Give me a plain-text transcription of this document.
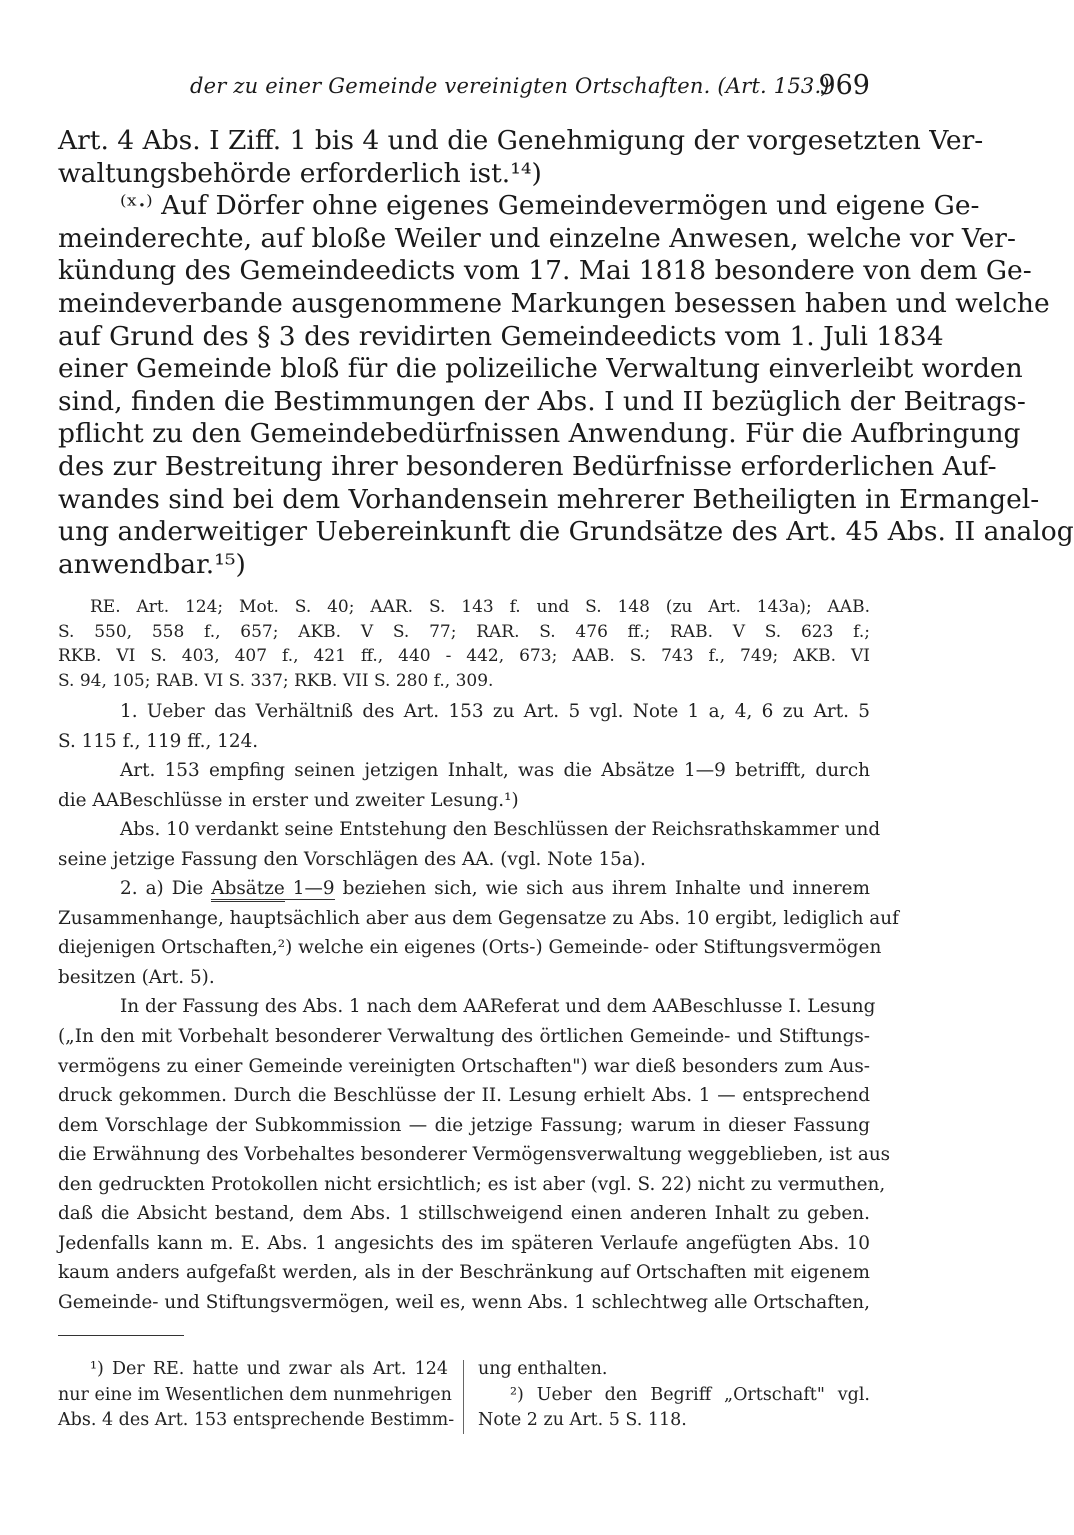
der zu einer Gemeinde vereinigten Ortschaften. (Art. 153.)
969

Art. 4 Abs. I Ziff. 1 bis 4 und die Genehmigung der vorgesetzten Ver-

waltungsbehörde erforderlich ist.¹⁴)

⁽ˣ·⁾ Auf Dörfer ohne eigenes Gemeindevermögen und eigene Ge-

meinderechte, auf bloße Weiler und einzelne Anwesen, welche vor Ver-

kündung des Gemeindeedicts vom 17. Mai 1818 besondere von dem Ge-

meindeverbande ausgenommene Markungen besessen haben und welche

auf Grund des § 3 des revidirten Gemeindeedicts vom 1. Juli 1834

einer Gemeinde bloß für die polizeiliche Verwaltung einverleibt worden

sind, finden die Bestimmungen der Abs. I und II bezüglich der Beitrags-

pflicht zu den Gemeindebedürfnissen Anwendung. Für die Aufbringung

des zur Bestreitung ihrer besonderen Bedürfnisse erforderlichen Auf-

wandes sind bei dem Vorhandensein mehrerer Betheiligten in Ermangel-

ung anderweitiger Uebereinkunft die Grundsätze des Art. 45 Abs. II analog

anwendbar.¹⁵)

RE. Art. 124; Mot. S. 40; AAR. S. 143 f. und S. 148 (zu Art. 143a); AAB.

S. 550, 558 f., 657; AKB. V S. 77; RAR. S. 476 ff.; RAB. V S. 623 f.;

RKB. VI S. 403, 407 f., 421 ff., 440 - 442, 673; AAB. S. 743 f., 749; AKB. VI

S. 94, 105; RAB. VI S. 337; RKB. VII S. 280 f., 309.

1. Ueber das Verhältniß des Art. 153 zu Art. 5 vgl. Note 1 a, 4, 6 zu Art. 5

S. 115 f., 119 ff., 124.

Art. 153 empfing seinen jetzigen Inhalt, was die Absätze 1—9 betrifft, durch

die AABeschlüsse in erster und zweiter Lesung.¹)

Abs. 10 verdankt seine Entstehung den Beschlüssen der Reichsrathskammer und

seine jetzige Fassung den Vorschlägen des AA. (vgl. Note 15a).

2. a) Die Absätze 1—9 beziehen sich, wie sich aus ihrem Inhalte und innerem

Zusammenhange, hauptsächlich aber aus dem Gegensatze zu Abs. 10 ergibt, lediglich auf

diejenigen Ortschaften,²) welche ein eigenes (Orts-) Gemeinde- oder Stiftungsvermögen

besitzen (Art. 5).

In der Fassung des Abs. 1 nach dem AAReferat und dem AABeschlusse I. Lesung

(„In den mit Vorbehalt besonderer Verwaltung des örtlichen Gemeinde- und Stiftungs-

vermögens zu einer Gemeinde vereinigten Ortschaften") war dieß besonders zum Aus-

druck gekommen. Durch die Beschlüsse der II. Lesung erhielt Abs. 1 — entsprechend

dem Vorschlage der Subkommission — die jetzige Fassung; warum in dieser Fassung

die Erwähnung des Vorbehaltes besonderer Vermögensverwaltung weggeblieben, ist aus

den gedruckten Protokollen nicht ersichtlich; es ist aber (vgl. S. 22) nicht zu vermuthen,

daß die Absicht bestand, dem Abs. 1 stillschweigend einen anderen Inhalt zu geben.

Jedenfalls kann m. E. Abs. 1 angesichts des im späteren Verlaufe angefügten Abs. 10

kaum anders aufgefaßt werden, als in der Beschränkung auf Ortschaften mit eigenem

Gemeinde- und Stiftungsvermögen, weil es, wenn Abs. 1 schlechtweg alle Ortschaften,

¹) Der RE. hatte und zwar als Art. 124

nur eine im Wesentlichen dem nunmehrigen

Abs. 4 des Art. 153 entsprechende Bestimm-

ung enthalten.

²) Ueber den Begriff „Ortschaft" vgl.

Note 2 zu Art. 5 S. 118.
